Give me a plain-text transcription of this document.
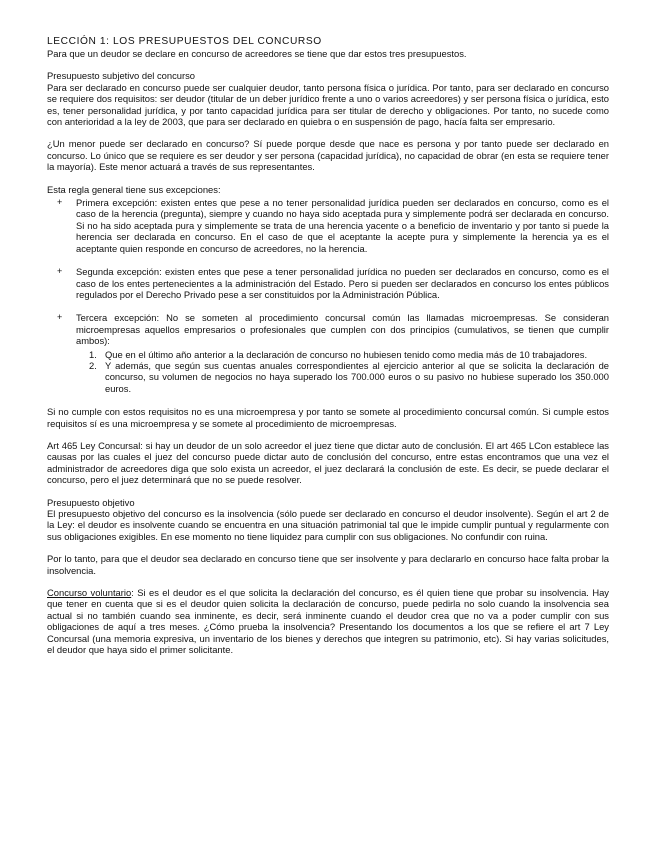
LECCIÓN 1: LOS PRESUPUESTOS DEL CONCURSO
Para que un deudor se declare en concurso de acreedores se tiene que dar estos tres presupuestos.
Presupuesto subjetivo del concurso

Para ser declarado en concurso puede ser cualquier deudor, tanto persona física o jurídica. Por tanto, para ser declarado en concurso se requiere dos requisitos: ser deudor (titular de un deber jurídico frente a uno o varios acreedores) y ser persona física o jurídica, esto es, tener personalidad jurídica, y por tanto capacidad jurídica para ser titular de derecho y obligaciones. Por tanto, no sucede como con anterioridad a la ley de 2003, que para ser declarado en quiebra o en suspensión de pago, hacía falta ser empresario.

¿Un menor puede ser declarado en concurso? Sí puede porque desde que nace es persona y por tanto puede ser declarado en concurso. Lo único que se requiere es ser deudor y ser persona (capacidad jurídica), no capacidad de obrar (en esta se requiere tener la mayoría). Este menor actuará a través de sus representantes.

Esta regla general tiene sus excepciones:

+ Primera excepción: existen entes que pese a no tener personalidad jurídica pueden ser declarados en concurso, como es el caso de la herencia (pregunta), siempre y cuando no haya sido aceptada pura y simplemente podrá ser declarada en concurso. Si no ha sido aceptada pura y simplemente se trata de una herencia yacente o a beneficio de inventario y por tanto si puede la herencia ser declarada en concurso. En el caso de que el aceptante la acepte pura y simplemente la herencia ya es el aceptante quien responde en concurso de acreedores, no la herencia.
+ Segunda excepción: existen entes que pese a tener personalidad jurídica no pueden ser declarados en concurso, como es el caso de los entes pertenecientes a la administración del Estado. Pero si pueden ser declarados en concurso los entes públicos regulados por el Derecho Privado pese a ser constituidos por la Administración Pública.
+ Tercera excepción: No se someten al procedimiento concursal común las llamadas microempresas. Se consideran microempresas aquellos empresarios o profesionales que cumplen con dos principios (cumulativos, se tienen que cumplir ambos):
1. Que en el último año anterior a la declaración de concurso no hubiesen tenido como media más de 10 trabajadores.
2. Y además, que según sus cuentas anuales correspondientes al ejercicio anterior al que se solicita la declaración de concurso, su volumen de negocios no haya superado los 700.000 euros o su pasivo no hubiese superado los 350.000 euros.

Si no cumple con estos requisitos no es una microempresa y por tanto se somete al procedimiento concursal común. Si cumple estos requisitos sí es una microempresa y se somete al procedimiento de microempresas.

Art 465 Ley Concursal: si hay un deudor de un solo acreedor el juez tiene que dictar auto de conclusión. El art 465 LCon establece las causas por las cuales el juez del concurso puede dictar auto de conclusión del concurso, entre estas encontramos que una vez el administrador de acreedores diga que solo exista un acreedor, el juez declarará la conclusión de este. Es decir, se puede declarar el concurso, pero el juez determinará que no se puede resolver.

Presupuesto objetivo

El presupuesto objetivo del concurso es la insolvencia (sólo puede ser declarado en concurso el deudor insolvente). Según el art 2 de la Ley: el deudor es insolvente cuando se encuentra en una situación patrimonial tal que le impide cumplir puntual y regularmente con sus obligaciones exigibles. En ese momento no tiene liquidez para cumplir con sus obligaciones. No confundir con ruina.

Por lo tanto, para que el deudor sea declarado en concurso tiene que ser insolvente y para declararlo en concurso hace falta probar la insolvencia.

Concurso voluntario: Si es el deudor es el que solicita la declaración del concurso, es él quien tiene que probar su insolvencia. Hay que tener en cuenta que si es el deudor quien solicita la declaración de concurso, puede pedirla no solo cuando la insolvencia sea actual si no también cuando sea inminente, es decir, será inminente cuando el deudor crea que no va a poder cumplir con sus obligaciones de aquí a tres meses. ¿Cómo prueba la insolvencia? Presentando los documentos a los que se refiere el art 7 Ley Concursal (una memoria expresiva, un inventario de los bienes y derechos que integren su patrimonio, etc). Si hay varias solicitudes, el deudor que haya sido el primer solicitante.
